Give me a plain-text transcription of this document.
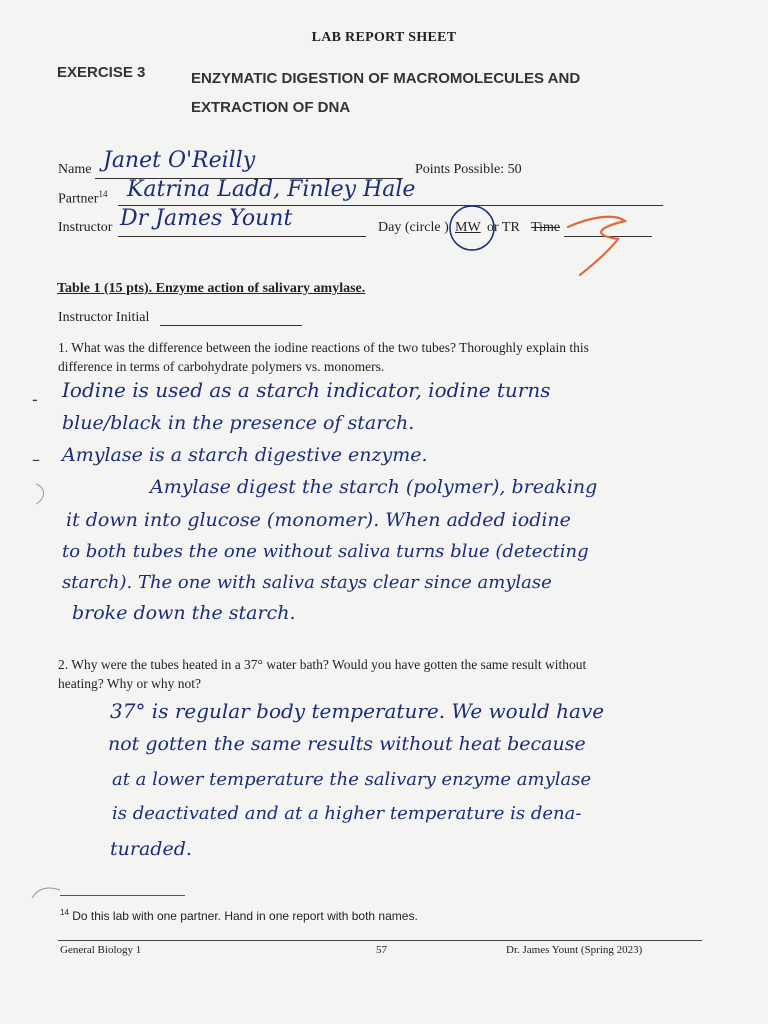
LAB REPORT SHEET
EXERCISE 3	ENZYMATIC DIGESTION OF MACROMOLECULES AND
EXTRACTION OF DNA
Name Janet O'Reilly	Points Possible: 50
Partner$^{14}$ Katrina Ladd, Finley Hale
Instructor Dr James Yount	Day (circle ) MW or TR Time
Table 1 (15 pts). Enzyme action of salivary amylase.
Instructor Initial
1. What was the difference between the iodine reactions of the two tubes? Thoroughly explain this
difference in terms of carbohydrate polymers vs. monomers.
-
–
Iodine is used as a starch indicator, iodine turns
blue/black in the presence of starch.
Amylase is a starch digestive enzyme.
Amylase digest the starch (polymer), breaking
it down into glucose (monomer). When added iodine
to both tubes the one without saliva turns blue (detecting
starch). The one with saliva stays clear since amylase
broke down the starch.
2. Why were the tubes heated in a 37° water bath? Would you have gotten the same result without
heating? Why or why not?
37° is regular body temperature. We would have
not gotten the same results without heat because
at a lower temperature the salivary enzyme amylase
is deactivated and at a higher temperature is dena-
turaded.
$^{14}$ Do this lab with one partner. Hand in one report with both names.
General Biology 1	57	Dr. James Yount (Spring 2023)
